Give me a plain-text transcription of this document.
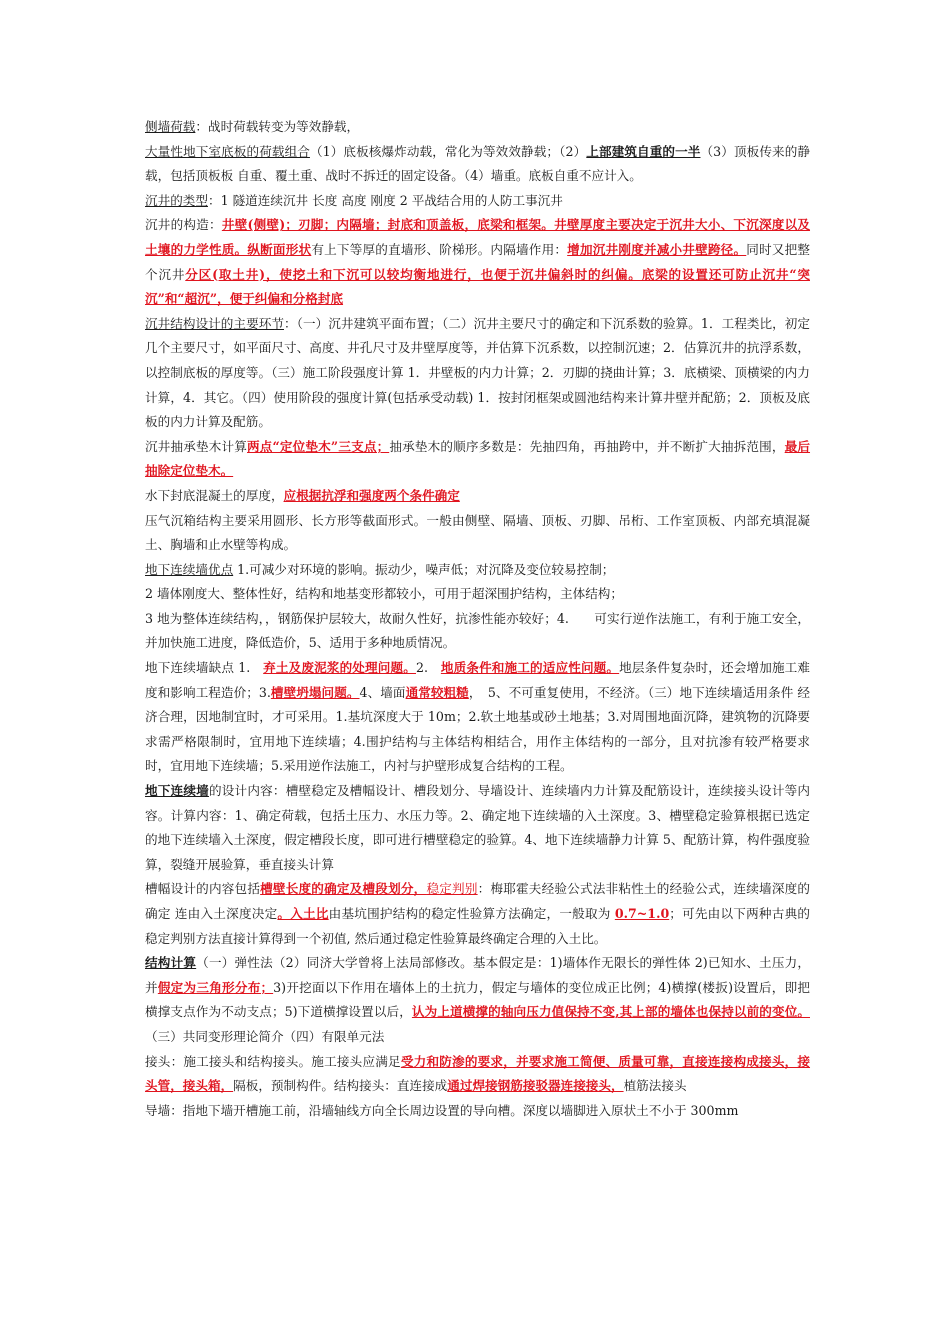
侧墙荷载：战时荷载转变为等效静载，

大量性地下室底板的荷载组合（1）底板核爆炸动载，常化为等效效静载；（2）上部建筑自重的一半（3）顶板传来的静载，包括顶板板 自重、覆土重、战时不拆迁的固定设备。（4）墙重。底板自重不应计入。

沉井的类型：1 隧道连续沉井 长度 高度 刚度 2 平战结合用的人防工事沉井

沉井的构造：井壁(侧壁)；刃脚；内隔墙；封底和顶盖板，底梁和框架。井壁厚度主要决定于沉井大小、下沉深度以及土壤的力学性质。纵断面形状有上下等厚的直墙形、阶梯形。内隔墙作用：增加沉井刚度并减小井壁跨径。同时又把整个沉井分区(取土井)，使挖土和下沉可以较均衡地进行，也便于沉井偏斜时的纠偏。底梁的设置还可防止沉井“突沉”和“超沉”，便于纠偏和分格封底

沉井结构设计的主要环节：（一）沉井建筑平面布置；（二）沉井主要尺寸的确定和下沉系数的验算。1．工程类比，初定几个主要尺寸，如平面尺寸、高度、井孔尺寸及井壁厚度等，并估算下沉系数，以控制沉速；2．估算沉井的抗浮系数，以控制底板的厚度等。（三）施工阶段强度计算 1．井壁板的内力计算；2．刃脚的挠曲计算；3．底横梁、顶横梁的内力计算，4．其它。（四）使用阶段的强度计算(包括承受动载) 1．按封闭框架或圆池结构来计算井壁并配筋；2．顶板及底板的内力计算及配筋。

沉井抽承垫木计算两点“定位垫木”三支点；抽承垫木的顺序多数是：先抽四角，再抽跨中，并不断扩大抽拆范围，最后抽除定位垫木。

水下封底混凝土的厚度，应根据抗浮和强度两个条件确定

压气沉箱结构主要采用圆形、长方形等截面形式。一般由侧壁、隔墙、顶板、刃脚、吊桁、工作室顶板、内部充填混凝土、胸墙和止水壁等构成。

地下连续墙优点 1.可减少对环境的影响。振动少，噪声低；对沉降及变位较易控制；

2 墙体刚度大、整体性好，结构和地基变形都较小，可用于超深围护结构，主体结构；

3 地为整体连续结构，，钢筋保护层较大，故耐久性好，抗渗性能亦较好；4.　　可实行逆作法施工，有利于施工安全，并加快施工进度，降低造价，5、适用于多种地质情况。

地下连续墙缺点 1.　弃土及废泥浆的处理问题。2.　地质条件和施工的适应性问题。地层条件复杂时，还会增加施工难度和影响工程造价；3.槽壁坍塌问题。4、墙面通常较粗糙，　5、不可重复使用，不经济。（三）地下连续墙适用条件 经济合理，因地制宜时，才可采用。1.基坑深度大于 10m；2.软土地基或砂土地基；3.对周围地面沉降，建筑物的沉降要求需严格限制时，宜用地下连续墙；4.围护结构与主体结构相结合，用作主体结构的一部分，且对抗渗有较严格要求时，宜用地下连续墙；5.采用逆作法施工，内衬与护壁形成复合结构的工程。

地下连续墙的设计内容：槽壁稳定及槽幅设计、槽段划分、导墙设计、连续墙内力计算及配筋设计，连续接头设计等内容。计算内容：1、确定荷载，包括土压力、水压力等。2、确定地下连续墙的入土深度。3、槽壁稳定验算根据已选定的地下连续墙入土深度，假定槽段长度，即可进行槽壁稳定的验算。4、地下连续墙静力计算 5、配筋计算，构件强度验算，裂缝开展验算，垂直接头计算

槽幅设计的内容包括槽壁长度的确定及槽段划分，稳定判别：梅耶霍夫经验公式法非粘性土的经验公式，连续墙深度的确定 连由入土深度决定。入土比由基坑围护结构的稳定性验算方法确定，一般取为 0.7~1.0；可先由以下两种古典的稳定判别方法直接计算得到一个初值, 然后通过稳定性验算最终确定合理的入土比。

结构计算（一）弹性法（2）同济大学曾将上法局部修改。基本假定是：1)墙体作无限长的弹性体 2)已知水、土压力，并假定为三角形分布；3)开挖面以下作用在墙体上的土抗力，假定与墙体的变位成正比例；4)横撑(楼扳)设置后，即把横撑支点作为不动支点；5)下道横撑设置以后，认为上道横撑的轴向压力值保持不变,其上部的墙体也保持以前的变位。（三）共同变形理论简介（四）有限单元法

接头：施工接头和结构接头。施工接头应满足受力和防渗的要求，并要求施工简便、质量可靠，直接连接构成接头，接头管，接头箱，隔板，预制构件。结构接头：直连接成通过焊接钢筋接驳器连接接头，植筋法接头

导墙：指地下墙开槽施工前，沿墙轴线方向全长周边设置的导向槽。深度以墙脚进入原状土不小于 300mm
